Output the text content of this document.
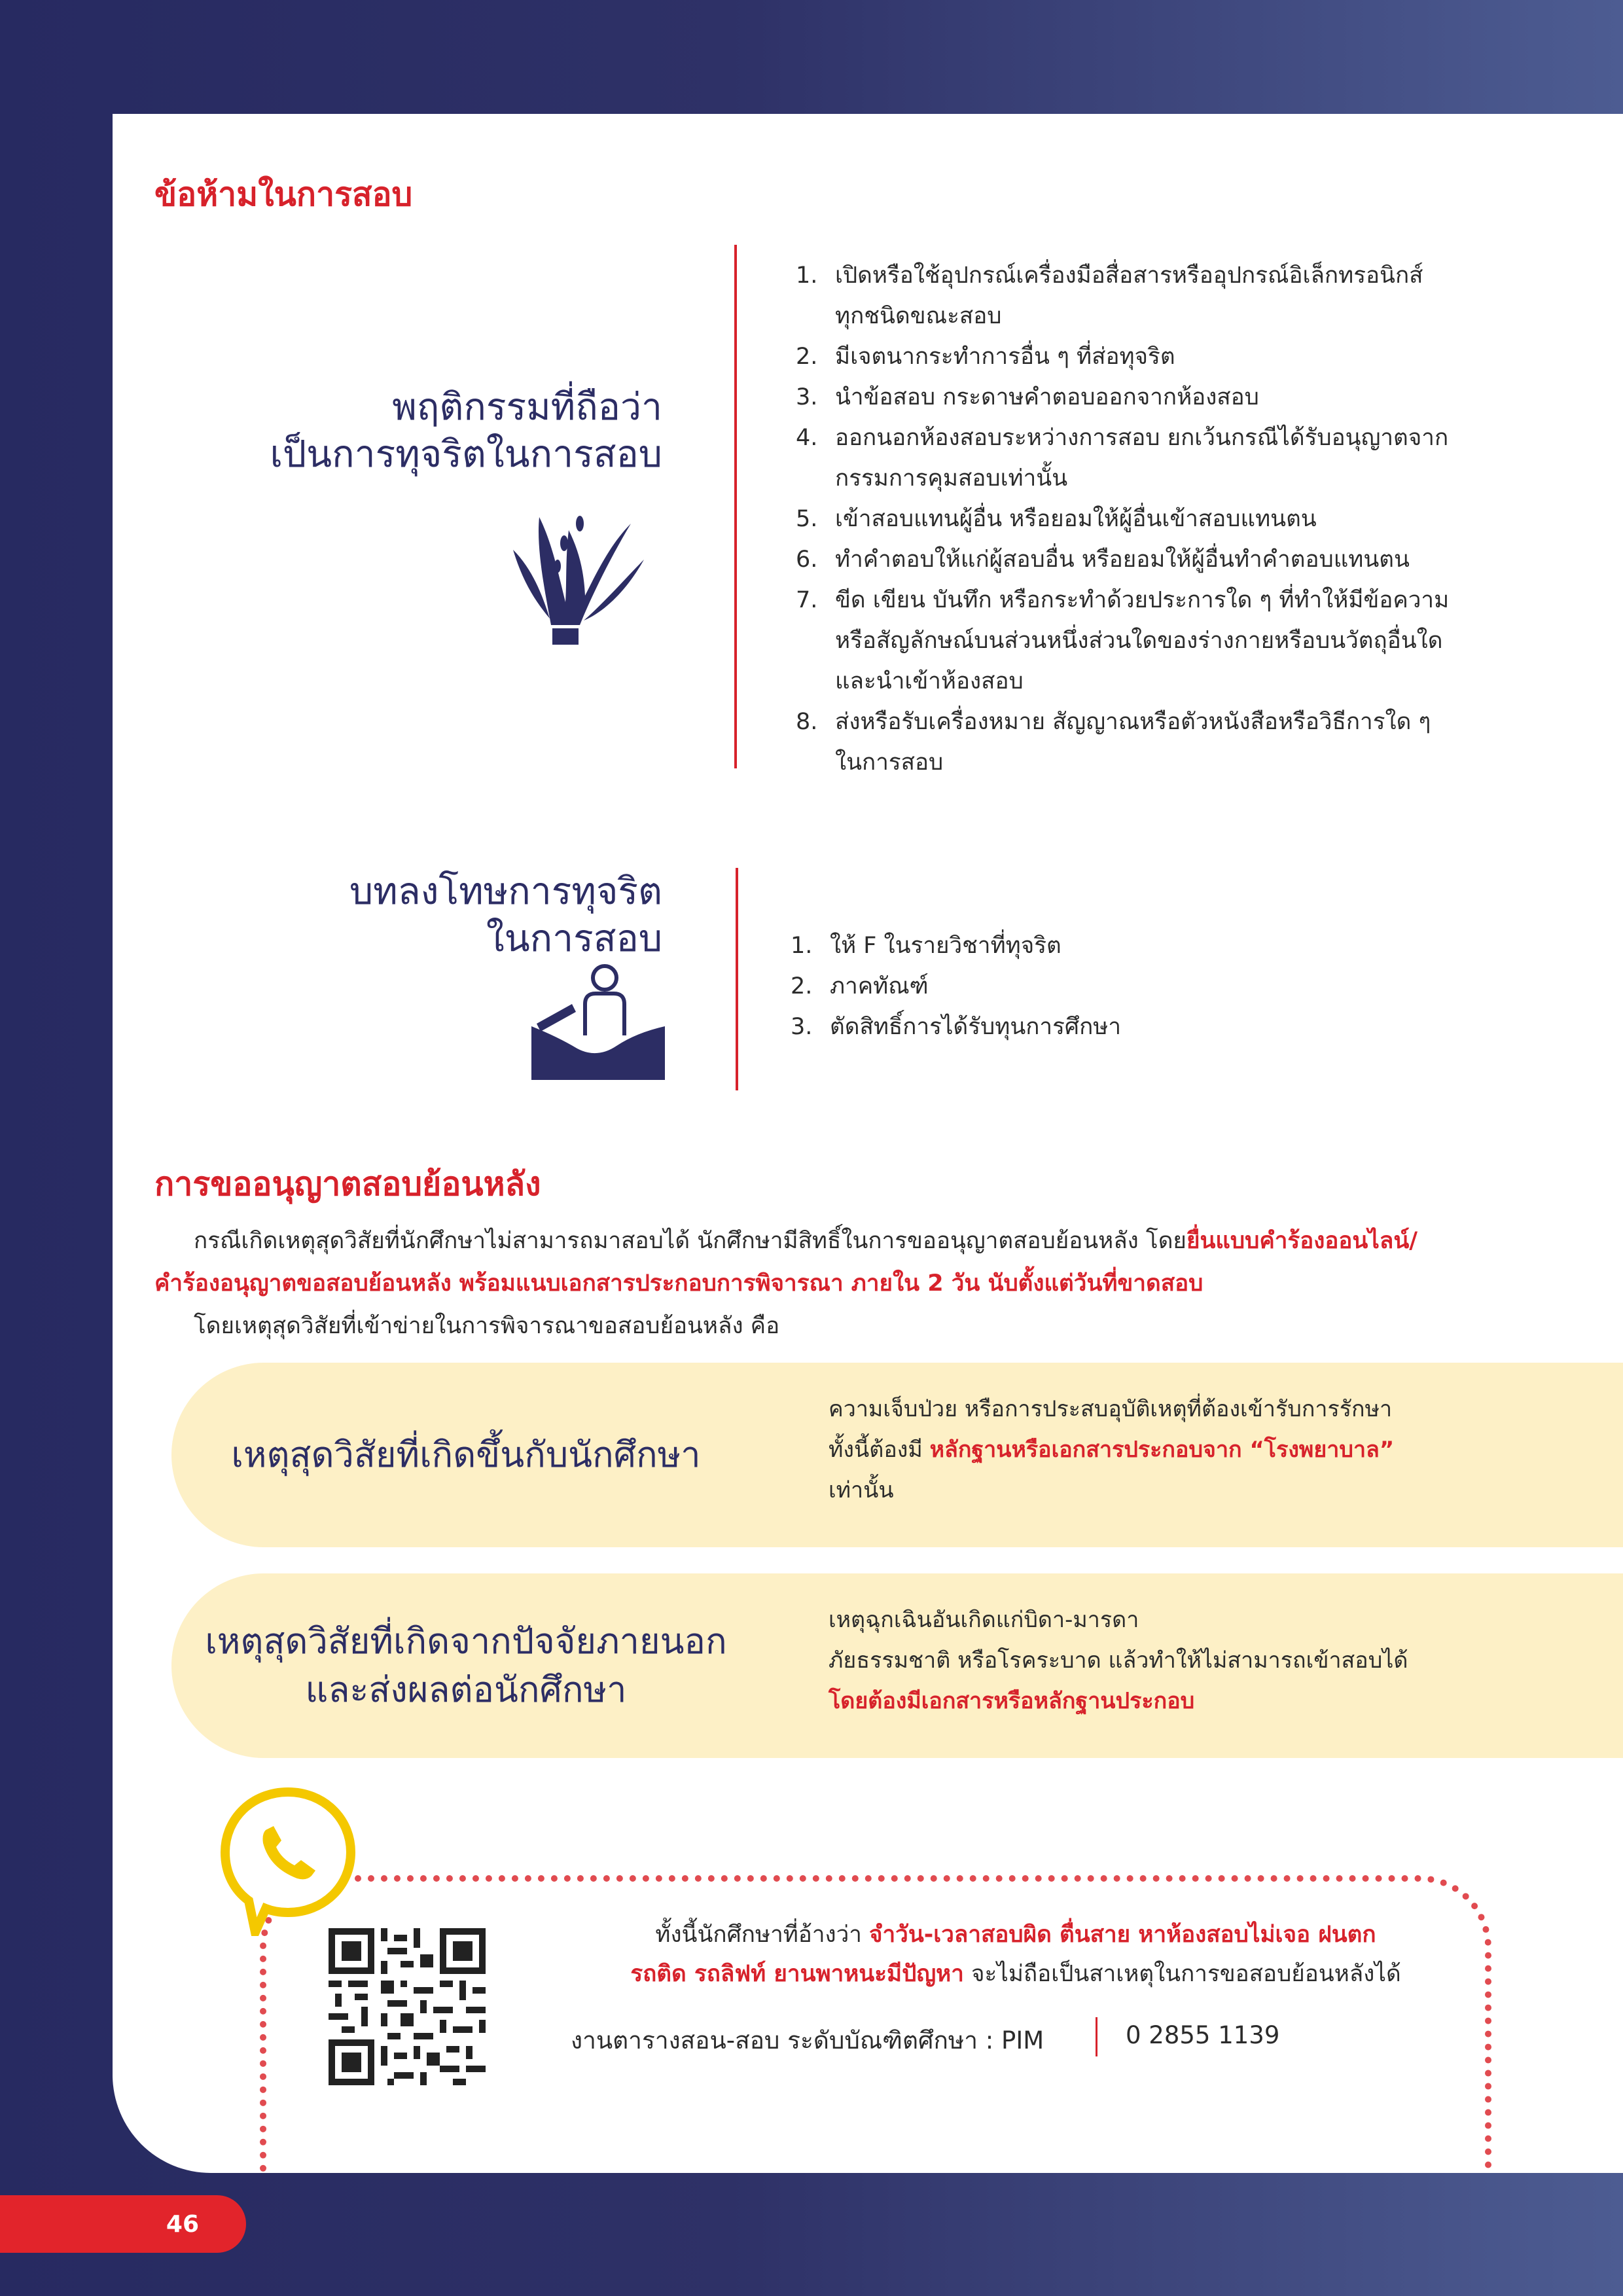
ข้อห้ามในการสอบ
พฤติกรรมที่ถือว่า
เป็นการทุจริตในการสอบ
1. เปิดหรือใช้อุปกรณ์เครื่องมือสื่อสารหรืออุปกรณ์อิเล็กทรอนิกส์
ทุกชนิดขณะสอบ
2. มีเจตนากระทำการอื่น ๆ ที่ส่อทุจริต
3. นำข้อสอบ กระดาษคำตอบออกจากห้องสอบ
4. ออกนอกห้องสอบระหว่างการสอบ ยกเว้นกรณีได้รับอนุญาตจาก
กรรมการคุมสอบเท่านั้น
5. เข้าสอบแทนผู้อื่น หรือยอมให้ผู้อื่นเข้าสอบแทนตน
6. ทำคำตอบให้แก่ผู้สอบอื่น หรือยอมให้ผู้อื่นทำคำตอบแทนตน
7. ขีด เขียน บันทึก หรือกระทำด้วยประการใด ๆ ที่ทำให้มีข้อความ
หรือสัญลักษณ์บนส่วนหนึ่งส่วนใดของร่างกายหรือบนวัตถุอื่นใด
และนำเข้าห้องสอบ
8. ส่งหรือรับเครื่องหมาย สัญญาณหรือตัวหนังสือหรือวิธีการใด ๆ
ในการสอบ
บทลงโทษการทุจริต
ในการสอบ	1. ให้ F ในรายวิชาที่ทุจริต
2. ภาคทัณฑ์
3. ตัดสิทธิ์การได้รับทุนการศึกษา
การขออนุญาตสอบย้อนหลัง
กรณีเกิดเหตุสุดวิสัยที่นักศึกษาไม่สามารถมาสอบได้ นักศึกษามีสิทธิ์ในการขออนุญาตสอบย้อนหลัง โดยยื่นแบบคำร้องออนไลน์/
คำร้องอนุญาตขอสอบย้อนหลัง พร้อมแนบเอกสารประกอบการพิจารณา ภายใน 2 วัน นับตั้งแต่วันที่ขาดสอบ
โดยเหตุสุดวิสัยที่เข้าข่ายในการพิจารณาขอสอบย้อนหลัง คือ
เหตุสุดวิสัยที่เกิดขึ้นกับนักศึกษา
ความเจ็บป่วย หรือการประสบอุบัติเหตุที่ต้องเข้ารับการรักษา
ทั้งนี้ต้องมี หลักฐานหรือเอกสารประกอบจาก “โรงพยาบาล”
เท่านั้น
เหตุสุดวิสัยที่เกิดจากปัจจัยภายนอก
และส่งผลต่อนักศึกษา
เหตุฉุกเฉินอันเกิดแก่บิดา-มารดา
ภัยธรรมชาติ หรือโรคระบาด แล้วทำให้ไม่สามารถเข้าสอบได้
โดยต้องมีเอกสารหรือหลักฐานประกอบ
ทั้งนี้นักศึกษาที่อ้างว่า จำวัน-เวลาสอบผิด ตื่นสาย หาห้องสอบไม่เจอ ฝนตก
รถติด รถลิฟท์ ยานพาหนะมีปัญหา จะไม่ถือเป็นสาเหตุในการขอสอบย้อนหลังได้
งานตารางสอน-สอบ ระดับบัณฑิตศึกษา : PIM	0 2855 1139
46
